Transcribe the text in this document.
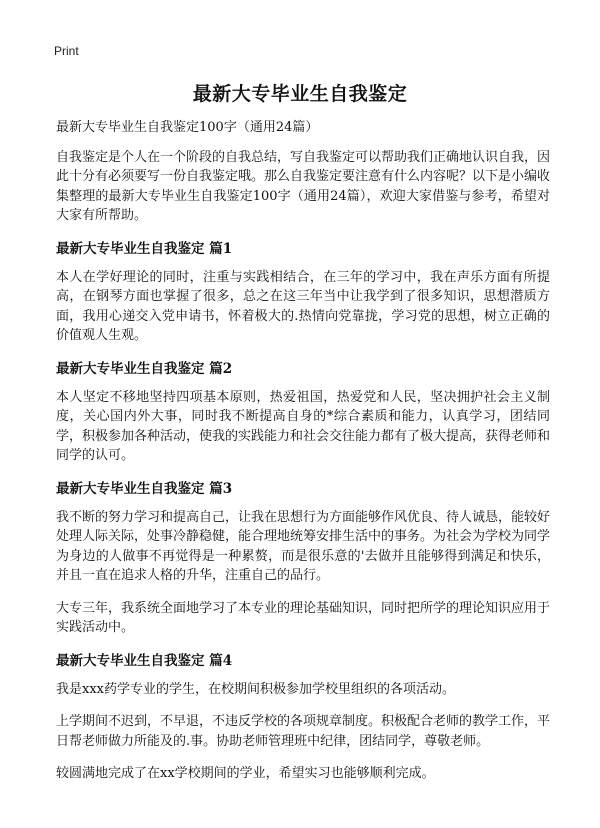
Print
最新大专毕业生自我鉴定

最新大专毕业生自我鉴定100字（通用24篇）

自我鉴定是个人在一个阶段的自我总结，写自我鉴定可以帮助我们正确地认识自我，因此十分有必须要写一份自我鉴定哦。那么自我鉴定要注意有什么内容呢？以下是小编收集整理的最新大专毕业生自我鉴定100字（通用24篇），欢迎大家借鉴与参考，希望对大家有所帮助。

最新大专毕业生自我鉴定 篇1

本人在学好理论的同时，注重与实践相结合，在三年的学习中，我在声乐方面有所提高，在钢琴方面也掌握了很多，总之在这三年当中让我学到了很多知识，思想潜质方面，我用心递交入党申请书，怀着极大的.热情向党靠拢，学习党的思想，树立正确的价值观人生观。

最新大专毕业生自我鉴定 篇2

本人坚定不移地坚持四项基本原则，热爱祖国，热爱党和人民，坚决拥护社会主义制度，关心国内外大事，同时我不断提高自身的*综合素质和能力，认真学习，团结同学，积极参加各种活动，使我的实践能力和社会交往能力都有了极大提高，获得老师和同学的认可。

最新大专毕业生自我鉴定 篇3

我不断的努力学习和提高自己，让我在思想行为方面能够作风优良、待人诚恳，能较好处理人际关际，处事冷静稳健，能合理地统筹安排生活中的事务。为社会为学校为同学为身边的人做事不再觉得是一种累赘，而是很乐意的'去做并且能够得到满足和快乐，并且一直在追求人格的升华，注重自己的品行。

大专三年，我系统全面地学习了本专业的理论基础知识，同时把所学的理论知识应用于实践活动中。

最新大专毕业生自我鉴定 篇4

我是xxx药学专业的学生，在校期间积极参加学校里组织的各项活动。

上学期间不迟到，不早退，不违反学校的各项规章制度。积极配合老师的教学工作，平日帮老师做力所能及的.事。协助老师管理班中纪律，团结同学，尊敬老师。

较圆满地完成了在xx学校期间的学业，希望实习也能够顺利完成。
